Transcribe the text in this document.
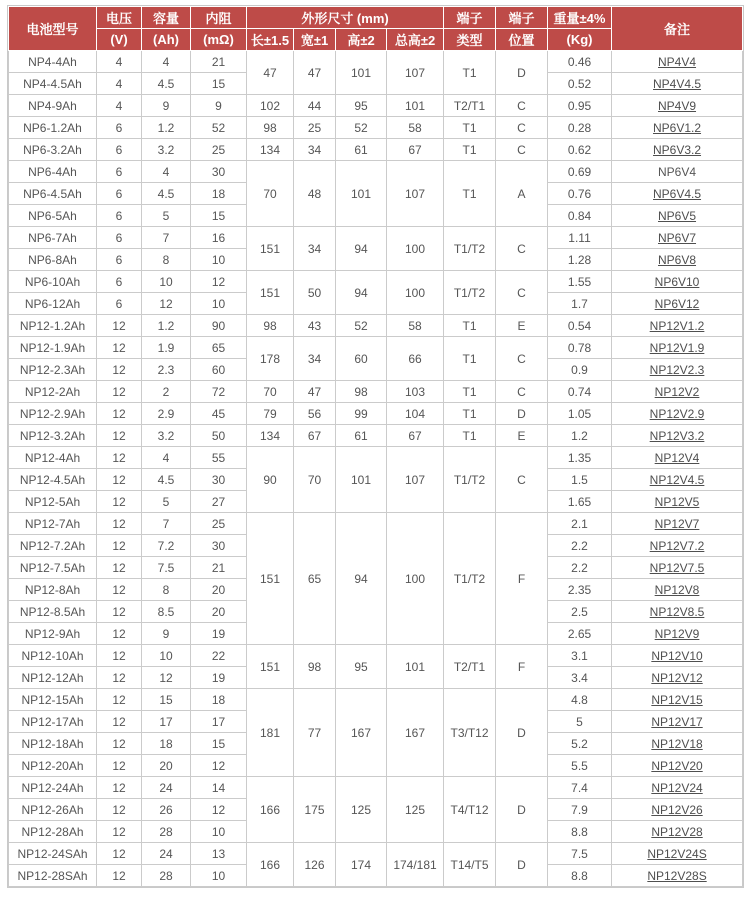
电池型号	电压	容量	内阻	外形尺寸 (mm)				端子	端子	重量±4%	备注
	(V)	(Ah)	(mΩ)	长±1.5	宽±1	高±2	总高±2	类型	位置	(Kg)	
NP4-4Ah	4	4	21	47	47	101	107	T1	D	0.46	NP4V4
NP4-4.5Ah	4	4.5	15							0.52	NP4V4.5
NP4-9Ah	4	9	9	102	44	95	101	T2/T1	C	0.95	NP4V9
NP6-1.2Ah	6	1.2	52	98	25	52	58	T1	C	0.28	NP6V1.2
NP6-3.2Ah	6	3.2	25	134	34	61	67	T1	C	0.62	NP6V3.2
NP6-4Ah	6	4	30	70	48	101	107	T1	A	0.69	NP6V4
NP6-4.5Ah	6	4.5	18							0.76	NP6V4.5
NP6-5Ah	6	5	15							0.84	NP6V5
NP6-7Ah	6	7	16	151	34	94	100	T1/T2	C	1.11	NP6V7
NP6-8Ah	6	8	10							1.28	NP6V8
NP6-10Ah	6	10	12	151	50	94	100	T1/T2	C	1.55	NP6V10
NP6-12Ah	6	12	10							1.7	NP6V12
NP12-1.2Ah	12	1.2	90	98	43	52	58	T1	E	0.54	NP12V1.2
NP12-1.9Ah	12	1.9	65	178	34	60	66	T1	C	0.78	NP12V1.9
NP12-2.3Ah	12	2.3	60							0.9	NP12V2.3
NP12-2Ah	12	2	72	70	47	98	103	T1	C	0.74	NP12V2
NP12-2.9Ah	12	2.9	45	79	56	99	104	T1	D	1.05	NP12V2.9
NP12-3.2Ah	12	3.2	50	134	67	61	67	T1	E	1.2	NP12V3.2
NP12-4Ah	12	4	55	90	70	101	107	T1/T2	C	1.35	NP12V4
NP12-4.5Ah	12	4.5	30							1.5	NP12V4.5
NP12-5Ah	12	5	27							1.65	NP12V5
NP12-7Ah	12	7	25	151	65	94	100	T1/T2	F	2.1	NP12V7
NP12-7.2Ah	12	7.2	30							2.2	NP12V7.2
NP12-7.5Ah	12	7.5	21							2.2	NP12V7.5
NP12-8Ah	12	8	20							2.35	NP12V8
NP12-8.5Ah	12	8.5	20							2.5	NP12V8.5
NP12-9Ah	12	9	19							2.65	NP12V9
NP12-10Ah	12	10	22	151	98	95	101	T2/T1	F	3.1	NP12V10
NP12-12Ah	12	12	19							3.4	NP12V12
NP12-15Ah	12	15	18	181	77	167	167	T3/T12	D	4.8	NP12V15
NP12-17Ah	12	17	17							5	NP12V17
NP12-18Ah	12	18	15							5.2	NP12V18
NP12-20Ah	12	20	12							5.5	NP12V20
NP12-24Ah	12	24	14	166	175	125	125	T4/T12	D	7.4	NP12V24
NP12-26Ah	12	26	12							7.9	NP12V26
NP12-28Ah	12	28	10							8.8	NP12V28
NP12-24SAh	12	24	13	166	126	174	174/181	T14/T5	D	7.5	NP12V24S
NP12-28SAh	12	28	10							8.8	NP12V28S
